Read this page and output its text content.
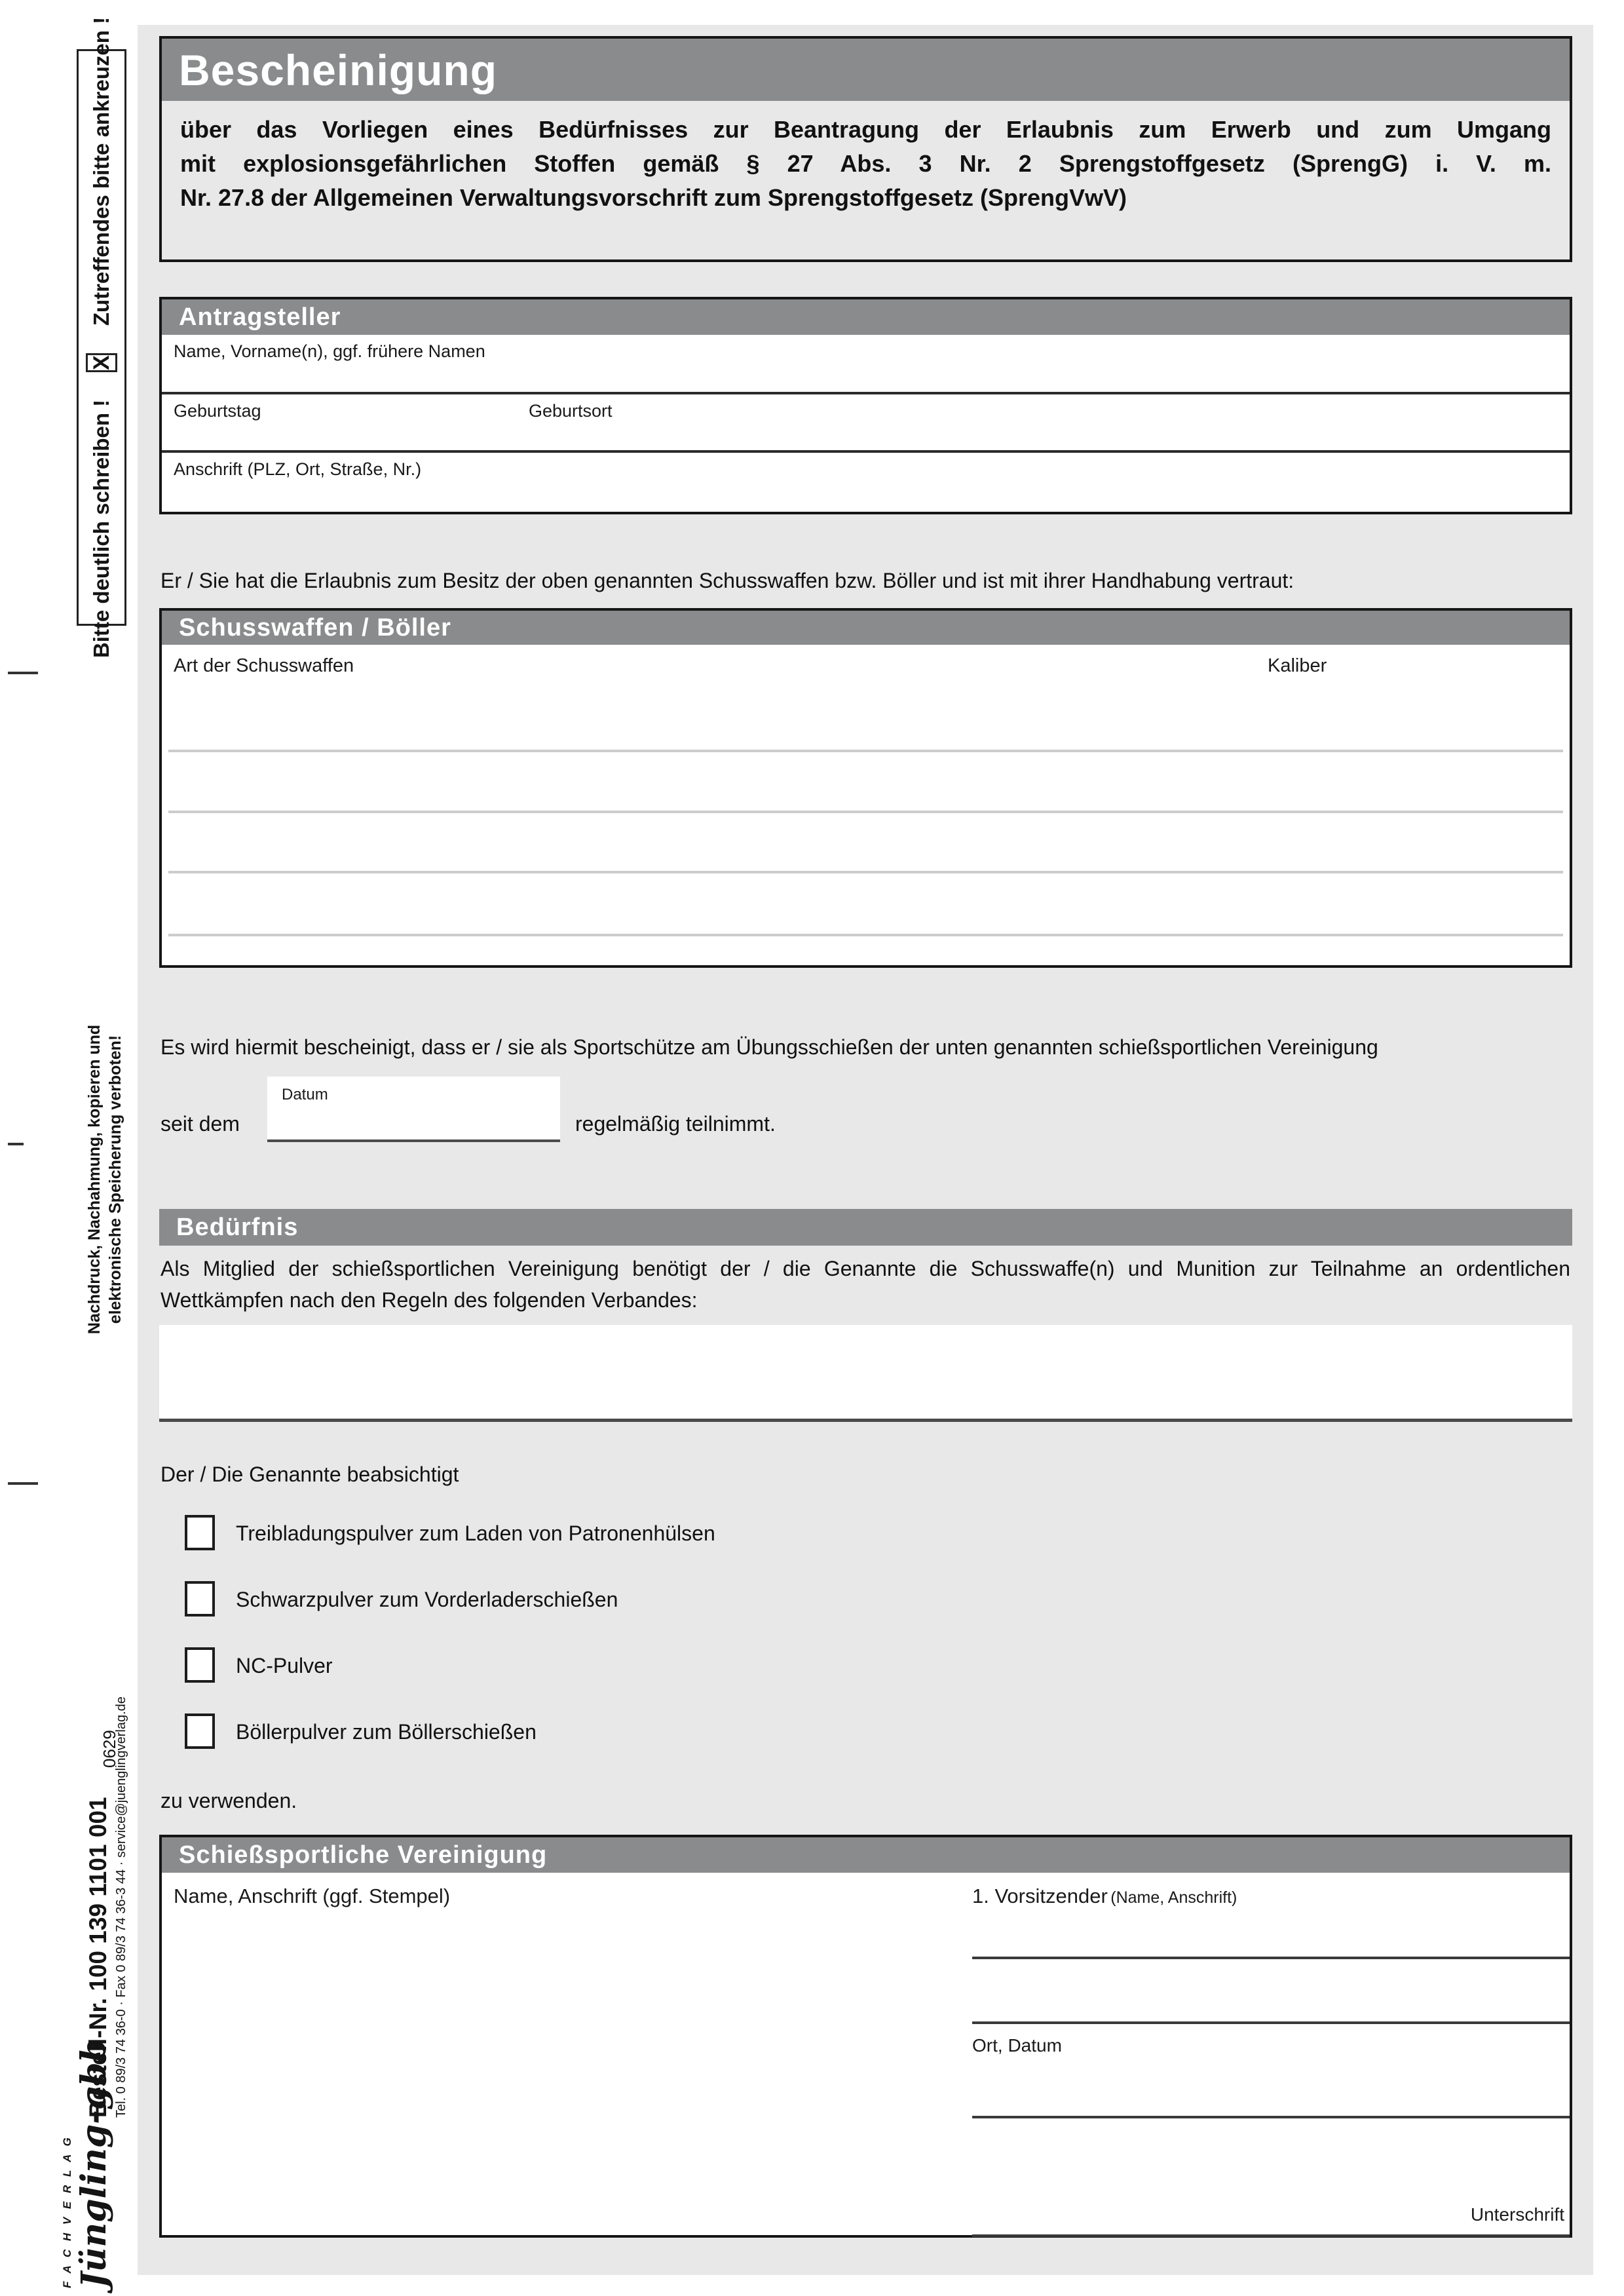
Bitte deutlich schreiben !
X
Zutreffendes bitte ankreuzen !
Nachdruck, Nachahmung, kopieren und elektronische Speicherung verboten!
0629
Bestell-Nr. 100 139 1101 001 Tel. 0 89/3 74 36-0 · Fax 0 89/3 74 36-3 44 · service@juenglingverlag.de
F A C H V E R L A G Jüngling-gbb
Bescheinigung
über das Vorliegen eines Bedürfnisses zur Beantragung der Erlaubnis zum Erwerb und zum Umgang
mit explosionsgefährlichen Stoffen gemäß § 27 Abs. 3 Nr. 2 Sprengstoffgesetz (SprengG) i. V. m.
Nr. 27.8 der Allgemeinen Verwaltungsvorschrift zum Sprengstoffgesetz (SprengVwV)
Antragsteller
Name, Vorname(n), ggf. frühere Namen
Geburtstag	Geburtsort
Anschrift (PLZ, Ort, Straße, Nr.)
Er / Sie hat die Erlaubnis zum Besitz der oben genannten Schusswaffen bzw. Böller und ist mit ihrer Handhabung vertraut:
Schusswaffen / Böller
Art der Schusswaffen	Kaliber
Es wird hiermit bescheinigt, dass er / sie als Sportschütze am Übungsschießen der unten genannten schießsportlichen Vereinigung
Datum
seit dem	regelmäßig teilnimmt.
Bedürfnis
Als Mitglied der schießsportlichen Vereinigung benötigt der / die Genannte die Schusswaffe(n) und Munition zur Teilnahme an ordentlichen
Wettkämpfen nach den Regeln des folgenden Verbandes:
Der / Die Genannte beabsichtigt
Treibladungspulver zum Laden von Patronenhülsen
Schwarzpulver zum Vorderladerschießen
NC-Pulver
Böllerpulver zum Böllerschießen
zu verwenden.
Schießsportliche Vereinigung
Name, Anschrift (ggf. Stempel)	1. Vorsitzender (Name, Anschrift)
Ort, Datum
Unterschrift
